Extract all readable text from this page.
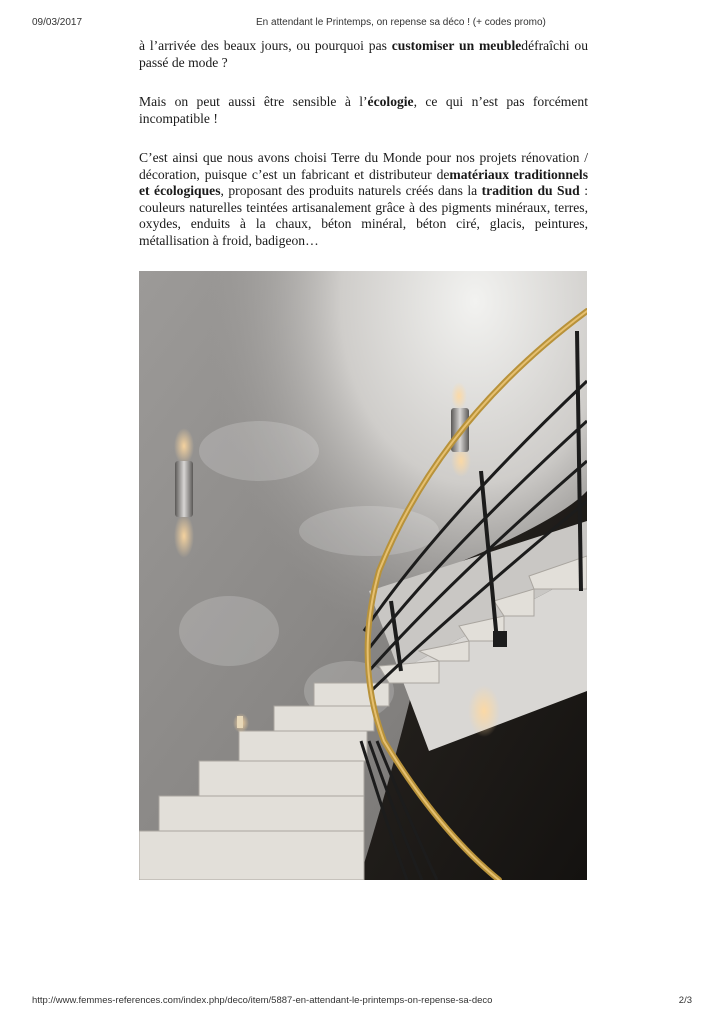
09/03/2017	En attendant le Printemps, on repense sa déco ! (+ codes promo)

à l’arrivée des beaux jours, ou pourquoi pas customiser un meubledéfraîchi ou passé de mode ?

Mais on peut aussi être sensible à l’écologie, ce qui n’est pas forcément incompatible !

C’est ainsi que nous avons choisi Terre du Monde pour nos projets rénovation / décoration, puisque c’est un fabricant et distributeur dematériaux traditionnels et écologiques, proposant des produits naturels créés dans la tradition du Sud : couleurs naturelles teintées artisanalement grâce à des pigments minéraux, terres, oxydes, enduits à la chaux, béton minéral, béton ciré, glacis, peintures, métallisation à froid, badigeon…

http://www.femmes-references.com/index.php/deco/item/5887-en-attendant-le-printemps-on-repense-sa-deco	2/3
